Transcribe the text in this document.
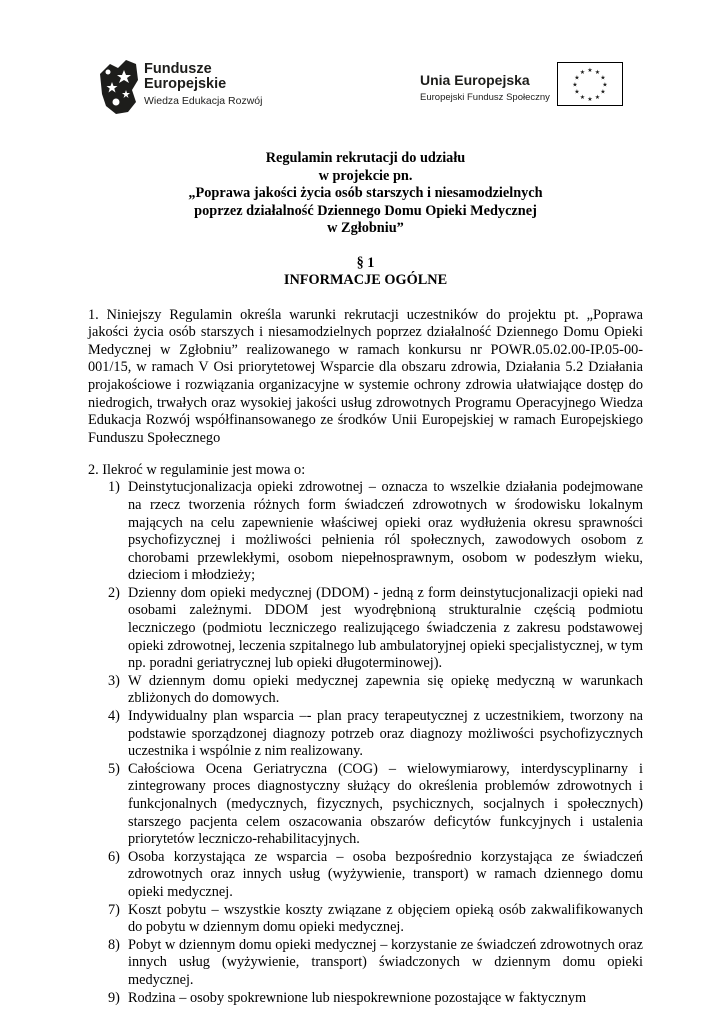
Fundusze
Europejskie
Wiedza Edukacja Rozwój
Unia Europejska
Europejski Fundusz Społeczny
★ ★
★
★
★
★
★
★
★
★
★
★
Regulamin rekrutacji do udziału
w projekcie pn.
„Poprawa jakości życia osób starszych i niesamodzielnych
poprzez działalność Dziennego Domu Opieki Medycznej
w Zgłobniu”
§ 1
INFORMACJE OGÓLNE

1. Niniejszy Regulamin określa warunki rekrutacji uczestników do projektu pt. „Poprawa jakości życia osób starszych i niesamodzielnych poprzez działalność Dziennego Domu Opieki Medycznej w Zgłobniu” realizowanego w ramach konkursu nr POWR.05.02.00-IP.05-00-001/15, w ramach V Osi priorytetowej Wsparcie dla obszaru zdrowia, Działania 5.2 Działania projakościowe i rozwiązania organizacyjne w systemie ochrony zdrowia ułatwiające dostęp do niedrogich, trwałych oraz wysokiej jakości usług zdrowotnych Programu Operacyjnego Wiedza Edukacja Rozwój współfinansowanego ze środków Unii Europejskiej w ramach Europejskiego Funduszu Społecznego

2. Ilekroć w regulaminie jest mowa o:

1) Deinstytucjonalizacja opieki zdrowotnej – oznacza to wszelkie działania podejmowane na rzecz tworzenia różnych form świadczeń zdrowotnych w środowisku lokalnym mających na celu zapewnienie właściwej opieki oraz wydłużenia okresu sprawności psychofizycznej i możliwości pełnienia ról społecznych, zawodowych osobom z chorobami przewlekłymi, osobom niepełnosprawnym, osobom w podeszłym wieku, dzieciom i młodzieży;
2) Dzienny dom opieki medycznej (DDOM) - jedną z form deinstytucjonalizacji opieki nad osobami zależnymi. DDOM jest wyodrębnioną strukturalnie częścią podmiotu leczniczego (podmiotu leczniczego realizującego świadczenia z zakresu podstawowej opieki zdrowotnej, leczenia szpitalnego lub ambulatoryjnej opieki specjalistycznej, w tym np. poradni geriatrycznej lub opieki długoterminowej).
3) W dziennym domu opieki medycznej zapewnia się opiekę medyczną w warunkach zbliżonych do domowych.
4) Indywidualny plan wsparcia –- plan pracy terapeutycznej z uczestnikiem, tworzony na podstawie sporządzonej diagnozy potrzeb oraz diagnozy możliwości psychofizycznych uczestnika i wspólnie z nim realizowany.
5) Całościowa Ocena Geriatryczna (COG) – wielowymiarowy, interdyscyplinarny i zintegrowany proces diagnostyczny służący do określenia problemów zdrowotnych i funkcjonalnych (medycznych, fizycznych, psychicznych, socjalnych i społecznych) starszego pacjenta celem oszacowania obszarów deficytów funkcyjnych i ustalenia priorytetów leczniczo-rehabilitacyjnych.
6) Osoba korzystająca ze wsparcia – osoba bezpośrednio korzystająca ze świadczeń zdrowotnych oraz innych usług (wyżywienie, transport) w ramach dziennego domu opieki medycznej.
7) Koszt pobytu – wszystkie koszty związane z objęciem opieką osób zakwalifikowanych do pobytu w dziennym domu opieki medycznej.
8) Pobyt w dziennym domu opieki medycznej – korzystanie ze świadczeń zdrowotnych oraz innych usług (wyżywienie, transport) świadczonych w dziennym domu opieki medycznej.
9) Rodzina – osoby spokrewnione lub niespokrewnione pozostające w faktycznym
